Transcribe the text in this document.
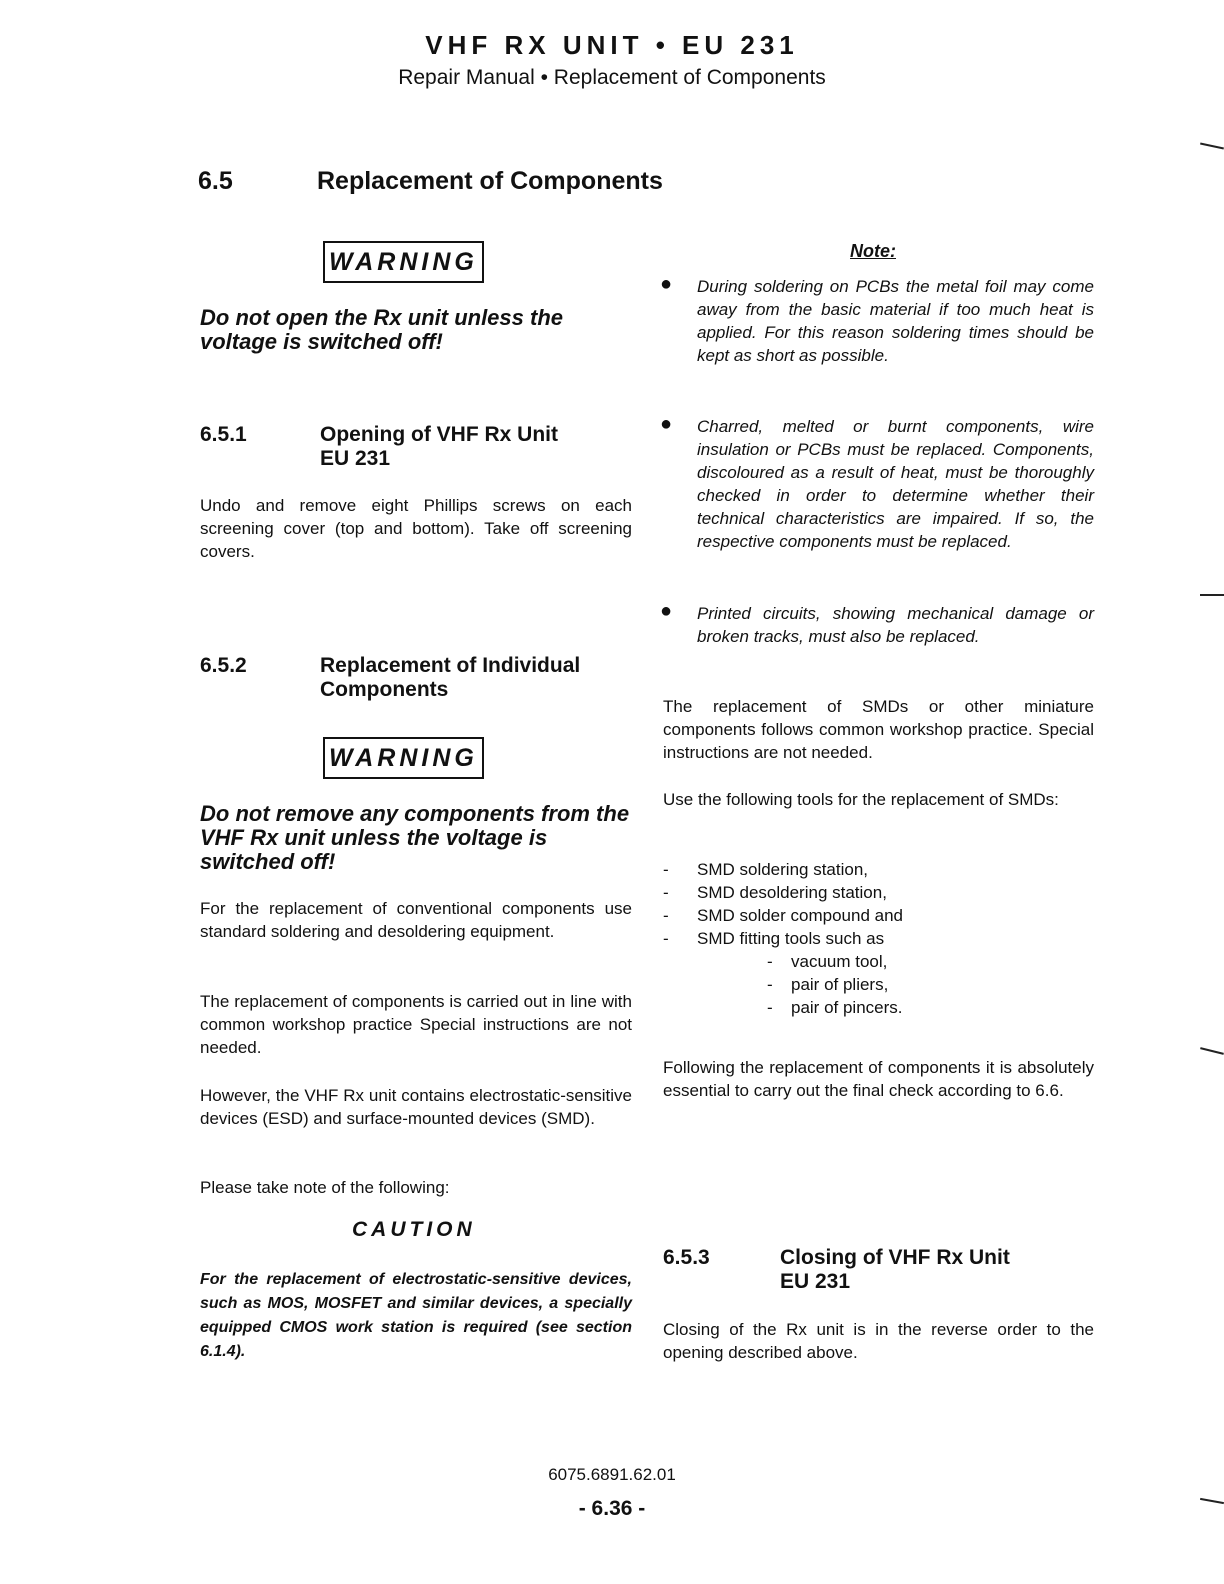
VHF RX UNIT • EU 231
Repair Manual • Replacement of Components
6.5	Replacement of Components
WARNING
Do not open the Rx unit unless the voltage is switched off!
6.5.1	Opening of VHF Rx Unit
EU 231
Undo and remove eight Phillips screws on each screening cover (top and bottom). Take off screening covers.
6.5.2	Replacement of Individual
Components
WARNING
Do not remove any components from the VHF Rx unit unless the voltage is switched off!
For the replacement of conventional components use standard soldering and desoldering equipment.
The replacement of components is carried out in line with common workshop practice Special instructions are not needed.
However, the VHF Rx unit contains electrostatic-sensitive devices (ESD) and surface-mounted devices (SMD).
Please take note of the following:
CAUTION
For the replacement of electrostatic-sensitive devices, such as MOS, MOSFET and similar devices, a specially equipped CMOS work station is required (see section 6.1.4).
Note:
● During soldering on PCBs the metal foil may come away from the basic material if too much heat is applied. For this reason soldering times should be kept as short as possible.
● Charred, melted or burnt components, wire insulation or PCBs must be replaced. Components, discoloured as a result of heat, must be thoroughly checked in order to determine whether their technical characteristics are impaired. If so, the respective components must be replaced.
● Printed circuits, showing mechanical damage or broken tracks, must also be replaced.
The replacement of SMDs or other miniature components follows common workshop practice. Special instructions are not needed.
Use the following tools for the replacement of SMDs:
- SMD soldering station,
- SMD desoldering station,
- SMD solder compound and
- SMD fitting tools such as
- vacuum tool,
- pair of pliers,
- pair of pincers.
Following the replacement of components it is absolutely essential to carry out the final check according to 6.6.
6.5.3	Closing of VHF Rx Unit
EU 231
Closing of the Rx unit is in the reverse order to the opening described above.
6075.6891.62.01
- 6.36 -
